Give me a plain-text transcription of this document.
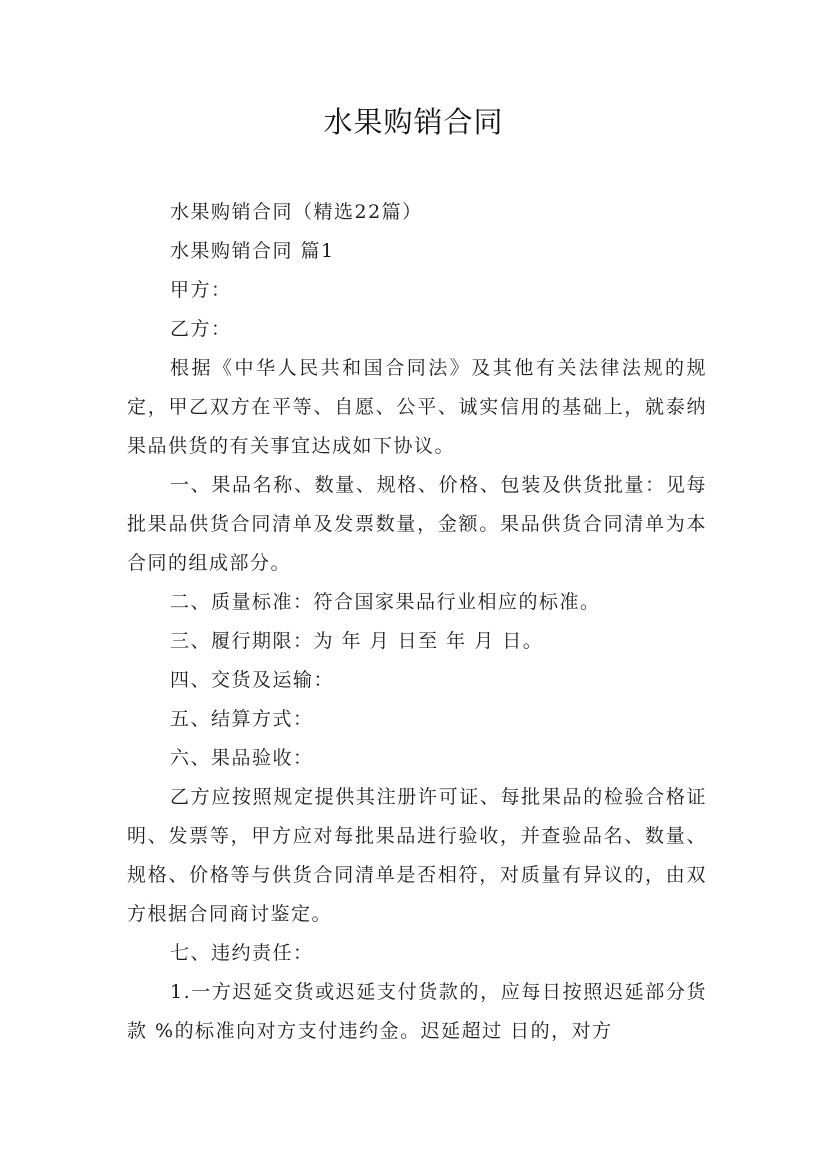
水果购销合同

水果购销合同（精选22篇）

水果购销合同 篇1

甲方：

乙方：

根据《中华人民共和国合同法》及其他有关法律法规的规定，甲乙双方在平等、自愿、公平、诚实信用的基础上，就泰纳果品供货的有关事宜达成如下协议。

一、果品名称、数量、规格、价格、包装及供货批量：见每批果品供货合同清单及发票数量，金额。果品供货合同清单为本合同的组成部分。

二、质量标准：符合国家果品行业相应的标准。

三、履行期限：为 年 月 日至 年 月 日。

四、交货及运输：

五、结算方式：

六、果品验收：

乙方应按照规定提供其注册许可证、每批果品的检验合格证明、发票等，甲方应对每批果品进行验收，并查验品名、数量、规格、价格等与供货合同清单是否相符，对质量有异议的，由双方根据合同商讨鉴定。

七、违约责任：

1.一方迟延交货或迟延支付货款的，应每日按照迟延部分货款 %的标准向对方支付违约金。迟延超过 日的，对方
